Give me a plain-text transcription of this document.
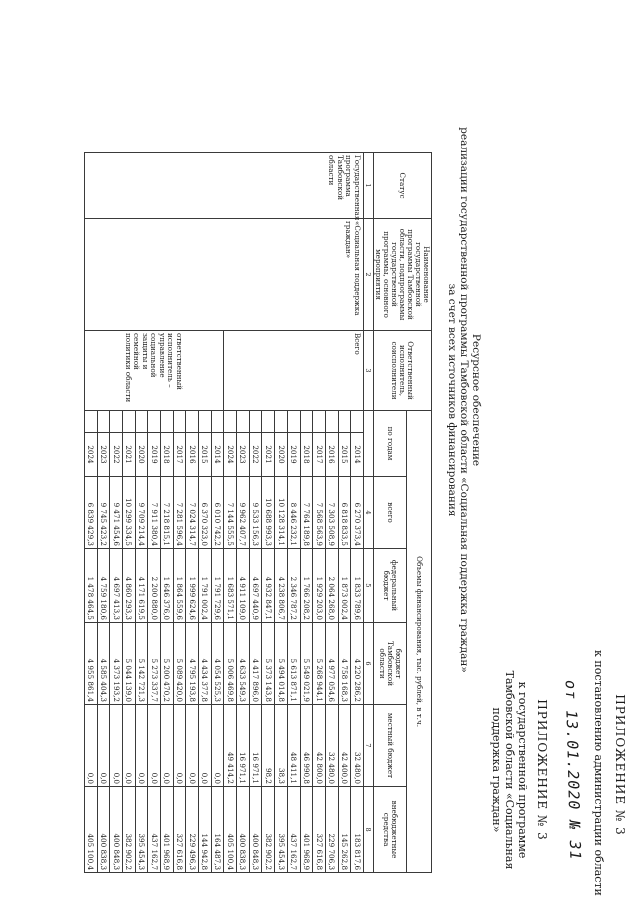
ПРИЛОЖЕНИЕ № 3
к постановлению администрации области
от 13.01.2020 № 31
ПРИЛОЖЕНИЕ № 3
к государственной программе
Тамбовской области «Социальная
поддержка граждан»
Ресурсное обеспечение
реализации государственной программы Тамбовской области «Социальная поддержка граждан»
за счет всех источников финансирования
Статус	Наименование государственной программы Тамбовской области, подпрограммы государственной программы, основного мероприятия	Ответственный исполнитель, соисполнители	Объемы финансирования, тыс. рублей, в т.ч.						
			по годам		всего	федеральный бюджет	бюджет Тамбовской области	местный бюджет	внебюджетные средства
1	2	3			4	5	6	7	8
Государственная программа Тамбовской области	«Социальная поддержка граждан»	Всего		2014	6 270 373,4	1 833 789,6	4 220 286,2	32 480,0	183 817,6
				2015	6 818 833,5	1 873 002,4	4 758 168,3	42 400,0	145 262,8
				2016	7 303 508,9	2 064 268,0	4 977 054,6	32 480,0	229 706,3
				2017	7 568 563,9	1 929 203,0	5 268 944,1	42 800,0	327 616,8
				2018	7 764 189,8	1 766 208,2	5 549 021,9	46 990,8	401 968,9
				2019	8 446 232,1	2 346 787,2	5 613 871,1	48 411,1	437 162,7
				2020	10 128 314,1	4 238 806,7	5 494 014,8	38,3	395 454,3
				2021	10 688 993,3	4 932 847,1	5 373 143,8	98,2	382 902,2
				2022	9 533 156,3	4 697 440,9	4 417 896,0	16 971,1	400 848,3
				2023	9 962 407,7	4 911 109,0	4 633 549,3	16 971,1	400 838,3
				2024	7 144 555,5	1 683 571,1	5 006 469,8	49 414,2	405 100,4
		ответственный исполнитель – управление социальной защиты и семейной политики области		2014	6 010 742,2	1 791 729,6	4 054 525,3	0,0	164 487,3
				2015	6 370 323,0	1 791 002,4	4 434 377,8	0,0	144 942,8
				2016	7 024 314,7	1 999 624,6	4 795 193,8	0,0	229 496,3
				2017	7 281 596,4	1 864 559,6	5 089 420,0	0,0	327 616,8
				2018	7 218 815,1	1 646 376,0	5 200 470,2	0,0	401 968,9
				2019	7 911 380,4	2 200 880,0	5 273 337,7	0,0	437 162,7
				2020	9 709 214,4	4 171 619,5	5 142 721,3	0,0	395 454,3
				2021	10 299 334,5	4 860 293,3	5 044 139,0	0,0	382 902,2
				2022	9 471 454,6	4 697 413,3	4 373 193,2	0,0	400 848,3
				2023	9 745 423,2	4 759 180,6	4 585 404,3	0,0	400 838,3
				2024	6 839 429,3	1 478 464,5	4 955 861,4	0,0	405 100,4
